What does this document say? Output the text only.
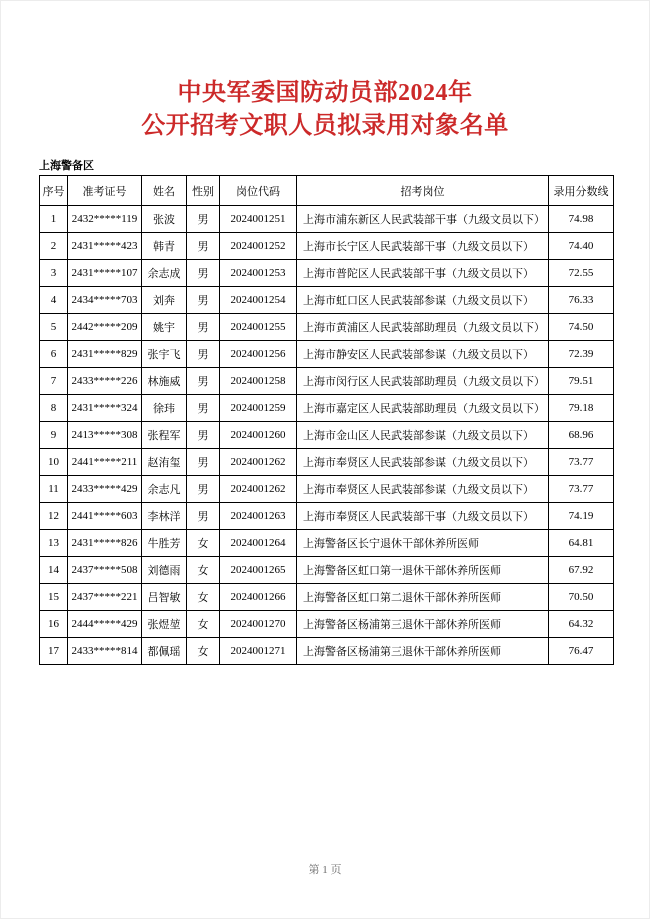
中央军委国防动员部2024年
公开招考文职人员拟录用对象名单
上海警备区
序号	准考证号	姓名	性别	岗位代码	招考岗位	录用分数线
1	2432*****119	张波	男	2024001251	上海市浦东新区人民武装部干事（九级文员以下）	74.98
2	2431*****423	韩青	男	2024001252	上海市长宁区人民武装部干事（九级文员以下）	74.40
3	2431*****107	余志成	男	2024001253	上海市普陀区人民武装部干事（九级文员以下）	72.55
4	2434*****703	刘奔	男	2024001254	上海市虹口区人民武装部参谋（九级文员以下）	76.33
5	2442*****209	姚宇	男	2024001255	上海市黄浦区人民武装部助理员（九级文员以下）	74.50
6	2431*****829	张宇飞	男	2024001256	上海市静安区人民武装部参谋（九级文员以下）	72.39
7	2433*****226	林施威	男	2024001258	上海市闵行区人民武装部助理员（九级文员以下）	79.51
8	2431*****324	徐玮	男	2024001259	上海市嘉定区人民武装部助理员（九级文员以下）	79.18
9	2413*****308	张程军	男	2024001260	上海市金山区人民武装部参谋（九级文员以下）	68.96
10	2441*****211	赵洧玺	男	2024001262	上海市奉贤区人民武装部参谋（九级文员以下）	73.77
11	2433*****429	余志凡	男	2024001262	上海市奉贤区人民武装部参谋（九级文员以下）	73.77
12	2441*****603	李林洋	男	2024001263	上海市奉贤区人民武装部干事（九级文员以下）	74.19
13	2431*****826	牛胜芳	女	2024001264	上海警备区长宁退休干部休养所医师	64.81
14	2437*****508	刘德雨	女	2024001265	上海警备区虹口第一退休干部休养所医师	67.92
15	2437*****221	吕智敏	女	2024001266	上海警备区虹口第二退休干部休养所医师	70.50
16	2444*****429	张煜堃	女	2024001270	上海警备区杨浦第三退休干部休养所医师	64.32
17	2433*****814	都佩瑶	女	2024001271	上海警备区杨浦第三退休干部休养所医师	76.47
第 1 页
